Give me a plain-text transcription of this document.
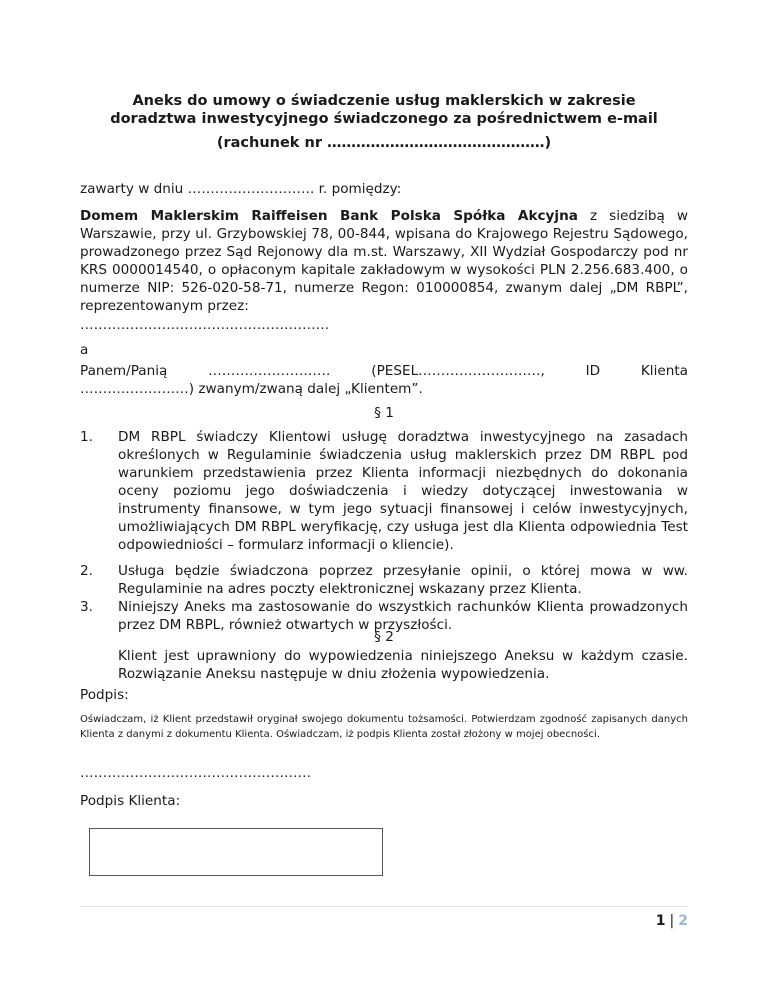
Aneks do umowy o świadczenie usług maklerskich w zakresie
doradztwa inwestycyjnego świadczonego za pośrednictwem e-mail
(rachunek nr ………………………………………)
zawarty w dniu ………………………. r. pomiędzy:
Domem Maklerskim Raiffeisen Bank Polska Spółka Akcyjna z siedzibą w Warszawie, przy ul. Grzybowskiej 78, 00-844, wpisana do Krajowego Rejestru Sądowego, prowadzonego przez Sąd Rejonowy dla m.st. Warszawy, XII Wydział Gospodarczy pod nr KRS 0000014540, o opłaconym kapitale zakładowym w wysokości PLN 2.256.683.400, o numerze NIP: 526-020-58-71, numerze Regon: 010000854, zwanym dalej „DM RBPL”, reprezentowanym przez:
……………………………………………….
a
Panem/Panią ……………………… (PESEL………………………, ID Klienta
……………………) zwanym/zwaną dalej „Klientem”.
§ 1
1. DM RBPL świadczy Klientowi usługę doradztwa inwestycyjnego na zasadach określonych w Regulaminie świadczenia usług maklerskich przez DM RBPL pod warunkiem przedstawienia przez Klienta informacji niezbędnych do dokonania oceny poziomu jego doświadczenia i wiedzy dotyczącej inwestowania w instrumenty finansowe, w tym jego sytuacji finansowej i celów inwestycyjnych, umożliwiających DM RBPL weryfikację, czy usługa jest dla Klienta odpowiednia Test odpowiedniości – formularz informacji o kliencie).
2. Usługa będzie świadczona poprzez przesyłanie opinii, o której mowa w ww. Regulaminie na adres poczty elektronicznej wskazany przez Klienta.
3. Niniejszy Aneks ma zastosowanie do wszystkich rachunków Klienta prowadzonych przez DM RBPL, również otwartych w przyszłości.
§ 2
Klient jest uprawniony do wypowiedzenia niniejszego Aneksu w każdym czasie. Rozwiązanie Aneksu następuje w dniu złożenia wypowiedzenia.
Podpis:
Oświadczam, iż Klient przedstawił oryginał swojego dokumentu tożsamości. Potwierdzam zgodność zapisanych danych Klienta z danymi z dokumentu Klienta. Oświadczam, iż podpis Klienta został złożony w mojej obecności.
……………………………………………
Podpis Klienta:
1 | 2
